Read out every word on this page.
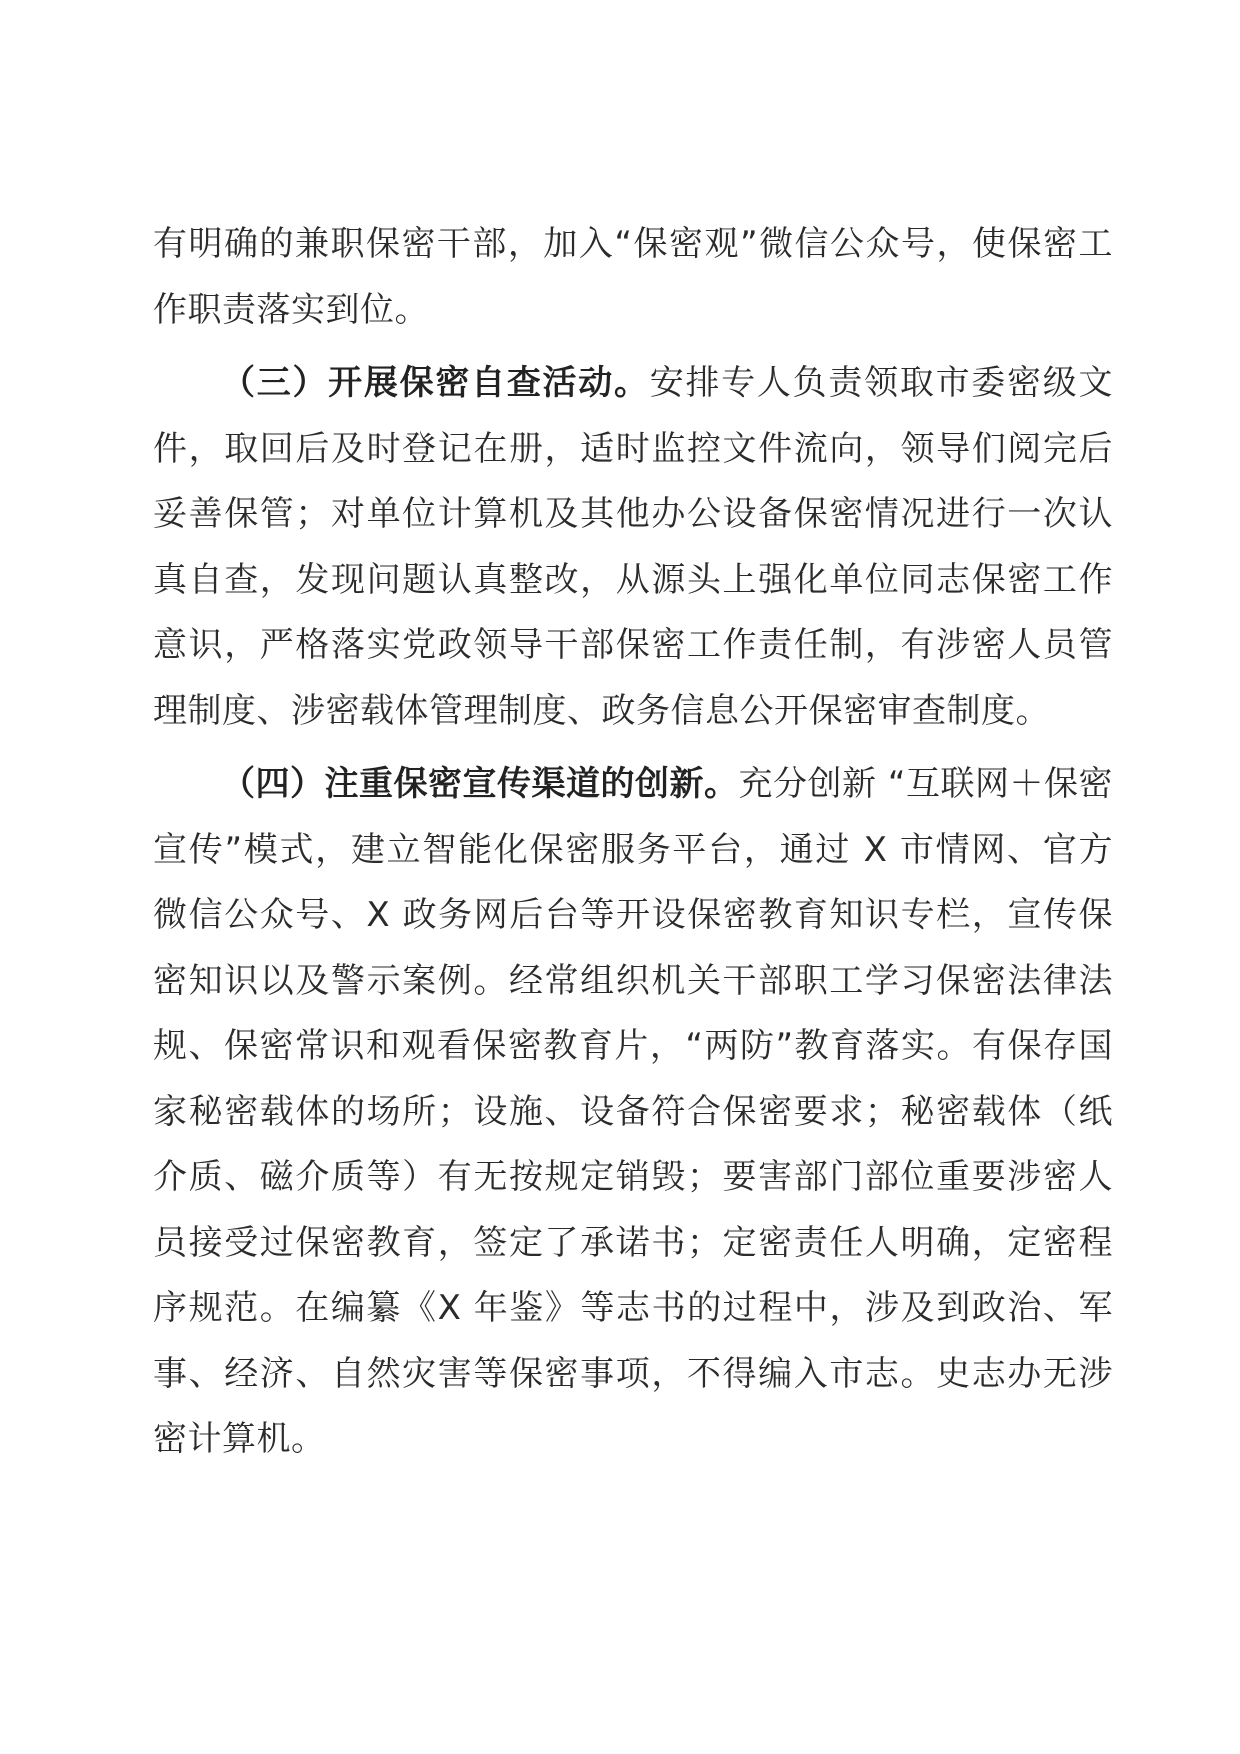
有明确的兼职保密干部，加入“保密观”微信公众号，使保密工作职责落实到位。

（三）开展保密自查活动。安排专人负责领取市委密级文件，取回后及时登记在册，适时监控文件流向，领导们阅完后妥善保管；对单位计算机及其他办公设备保密情况进行一次认真自查，发现问题认真整改，从源头上强化单位同志保密工作意识，严格落实党政领导干部保密工作责任制，有涉密人员管理制度、涉密载体管理制度、政务信息公开保密审查制度。

（四）注重保密宣传渠道的创新。充分创新 “互联网＋保密宣传”模式，建立智能化保密服务平台，通过 X 市情网、官方微信公众号、X 政务网后台等开设保密教育知识专栏，宣传保密知识以及警示案例。经常组织机关干部职工学习保密法律法规、保密常识和观看保密教育片，“两防”教育落实。有保存国家秘密载体的场所；设施、设备符合保密要求；秘密载体（纸介质、磁介质等）有无按规定销毁；要害部门部位重要涉密人员接受过保密教育，签定了承诺书；定密责任人明确，定密程序规范。在编纂《X 年鉴》等志书的过程中，涉及到政治、军事、经济、自然灾害等保密事项，不得编入市志。史志办无涉密计算机。
